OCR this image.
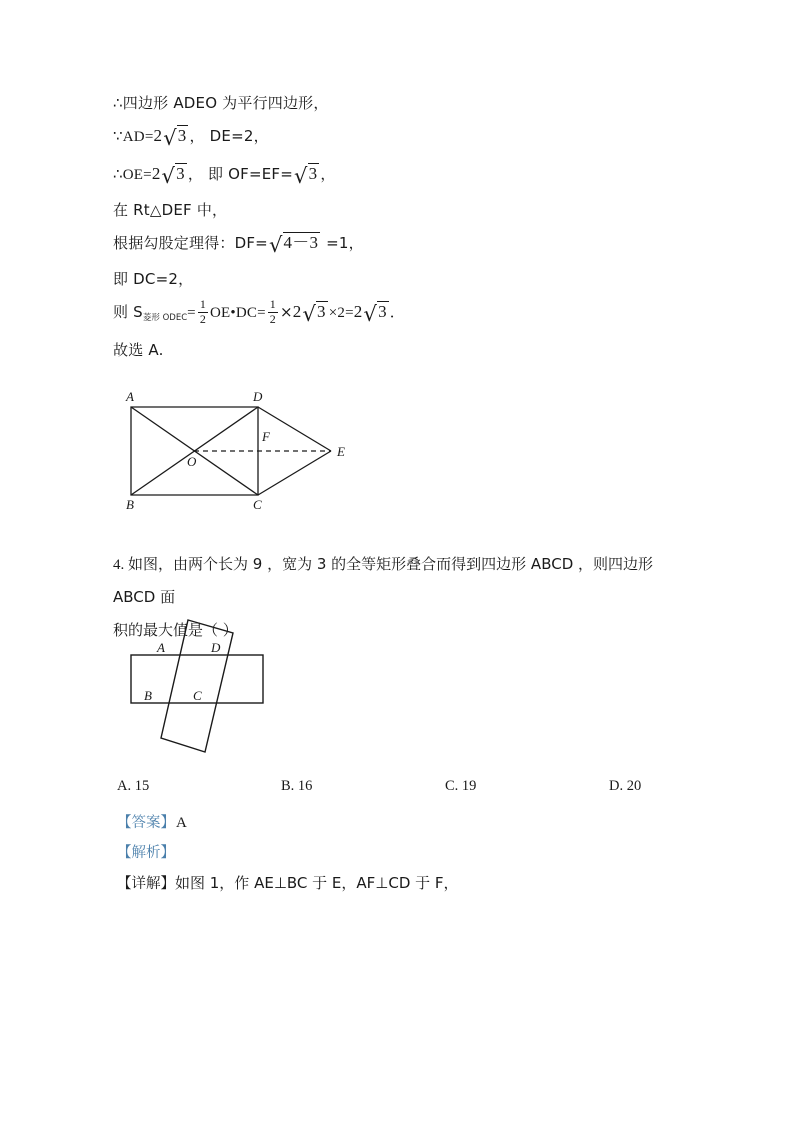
∴四边形 ADEO 为平行四边形，
∵AD=2√3 ， DE=2，
∴OE=2√3 ， 即 OF=EF=√3 ，
在 Rt△DEF 中，
根据勾股定理得：DF=√4－3 =1，
即 DC=2，
则 S菱形 ODEC= $\frac{1}{2}$ OE•DC= $\frac{1}{2} \times 2√3 \times 2=2√3$ ．
故选 A.
A	D
B	C
E
O
F
4. 如图，由两个长为 9 ，宽为 3 的全等矩形叠合而得到四边形 ABCD ，则四边形 ABCD 面
积的最大值是（ ）
A	D
B	C
A. 15	B. 16	C. 19	D. 20
【答案】A
【解析】
【详解】如图 1，作 AE⊥BC 于 E，AF⊥CD 于 F，
